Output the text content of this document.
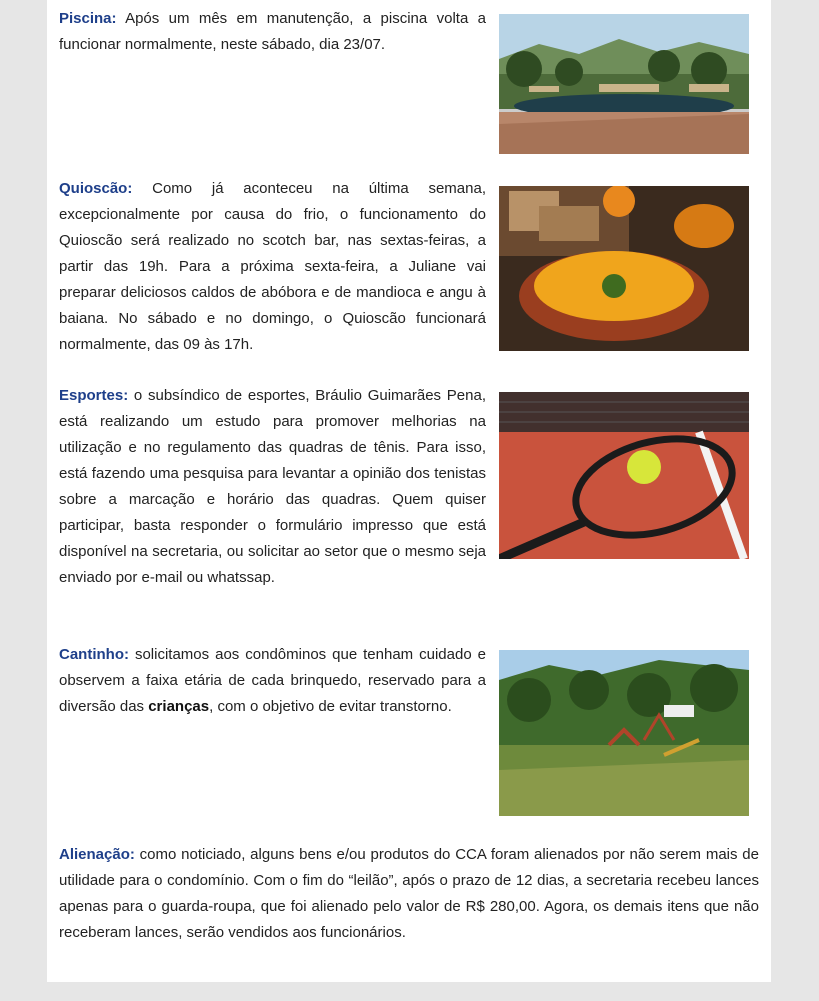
Piscina: Após um mês em manutenção, a piscina volta a funcionar normalmente, neste sábado, dia 23/07.

Quioscão: Como já aconteceu na última semana, excepcionalmente por causa do frio, o funcionamento do Quioscão será realizado no scotch bar, nas sextas-feiras, a partir das 19h. Para a próxima sexta-feira, a Juliane vai preparar deliciosos caldos de abóbora e de mandioca e angu à baiana. No sábado e no domingo, o Quioscão funcionará normalmente, das 09 às 17h.

Esportes: o subsíndico de esportes, Bráulio Guimarães Pena, está realizando um estudo para promover melhorias na utilização e no regulamento das quadras de tênis. Para isso, está fazendo uma pesquisa para levantar a opinião dos tenistas sobre a marcação e horário das quadras. Quem quiser participar, basta responder o formulário impresso que está disponível na secretaria, ou solicitar ao setor que o mesmo seja enviado por e-mail ou whatssap.

Cantinho: solicitamos aos condôminos que tenham cuidado e observem a faixa etária de cada brinquedo, reservado para a diversão das crianças, com o objetivo de evitar transtorno.

Alienação: como noticiado, alguns bens e/ou produtos do CCA foram alienados por não serem mais de utilidade para o condomínio. Com o fim do “leilão”, após o prazo de 12 dias, a secretaria recebeu lances apenas para o guarda-roupa, que foi alienado pelo valor de R$ 280,00. Agora, os demais itens que não receberam lances, serão vendidos aos funcionários.
